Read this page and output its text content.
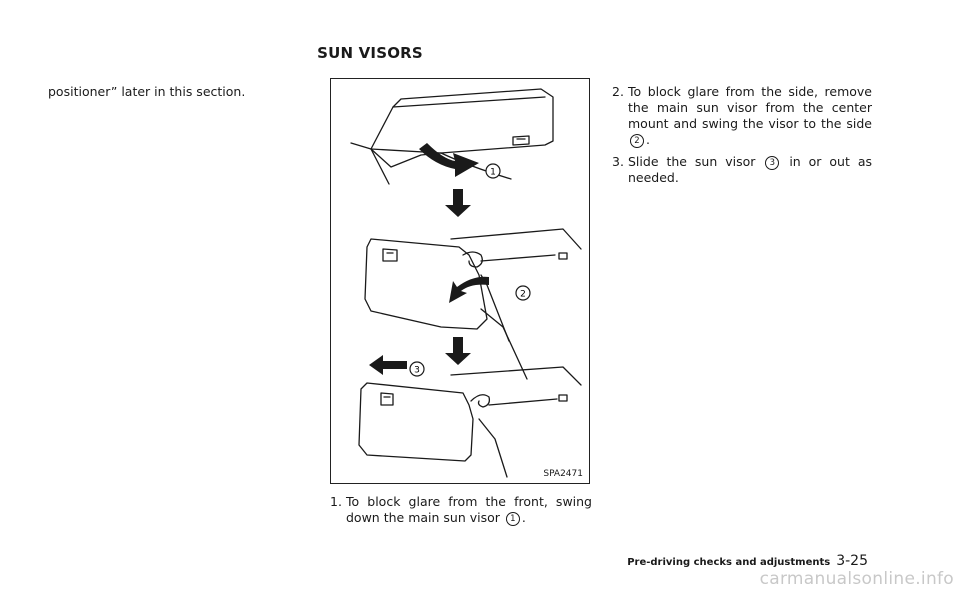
SUN VISORS
positioner” later in this section.
1
2
3
SPA2471
1. To block glare from the front, swing down the main sun visor 1 .
2. To block glare from the side, remove the main sun visor from the center mount and swing the visor to the side 2 .
3. Slide the sun visor 3 in or out as needed.
Pre-driving checks and adjustments 3-25
carmanualsonline.info
